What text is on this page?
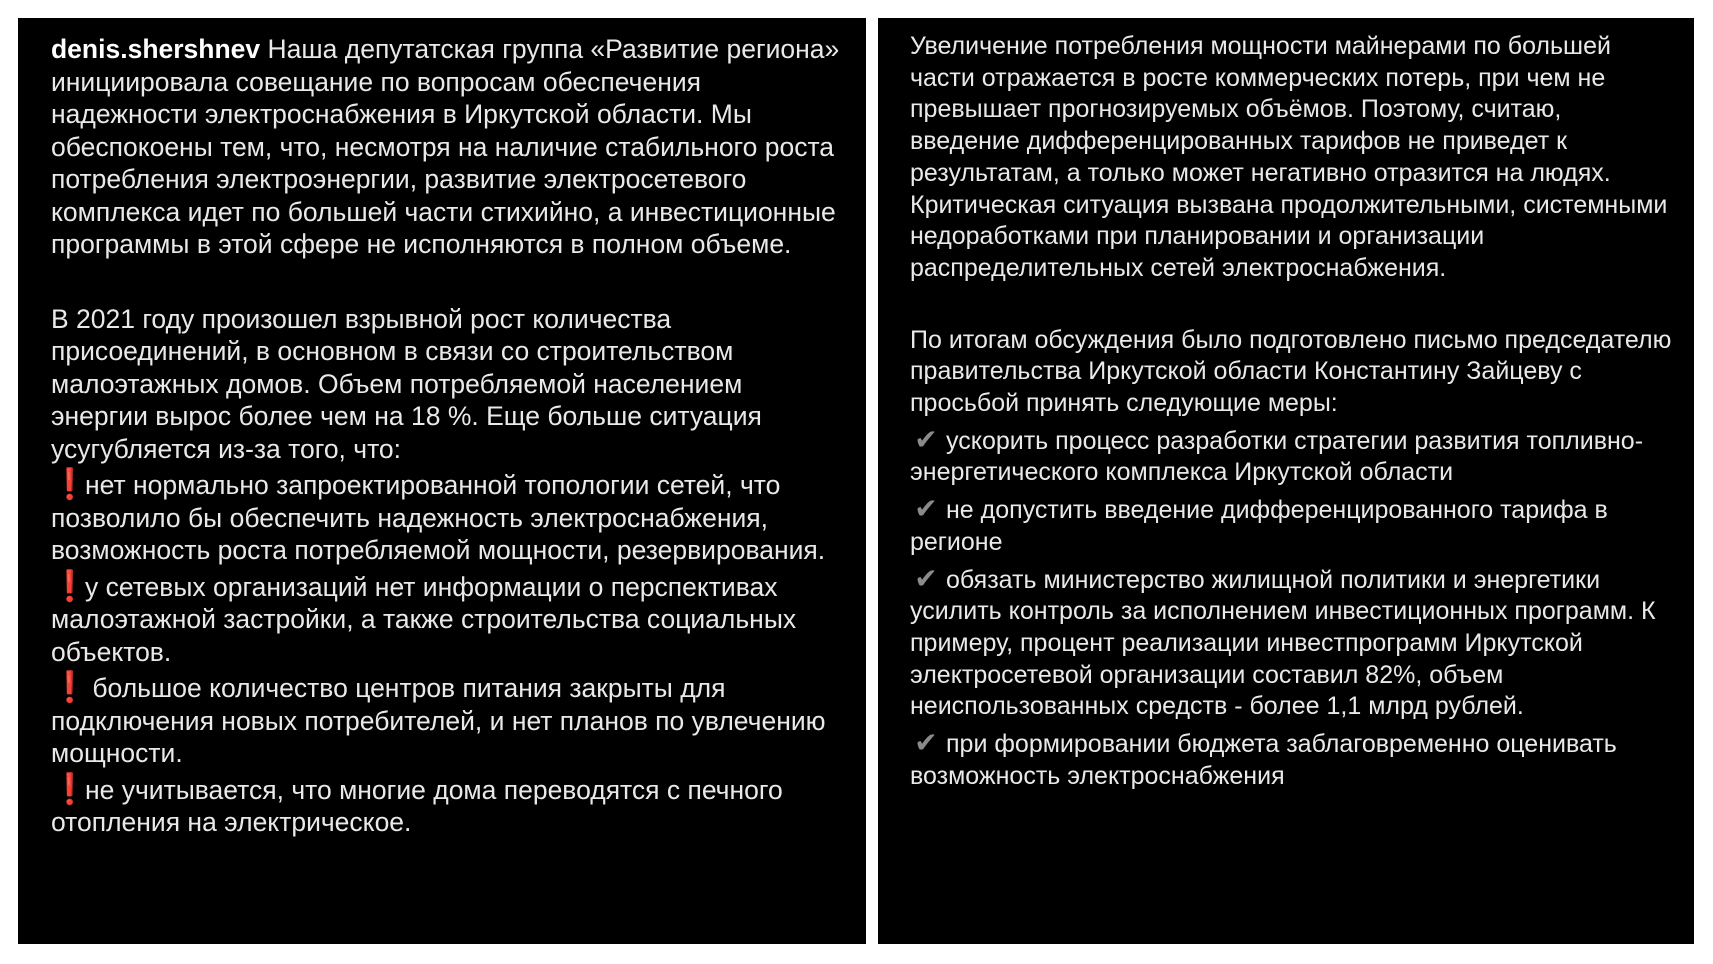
denis.shershnev Наша депутатская группа «Развитие региона» инициировала совещание по вопросам обеспечения надежности электроснабжения в Иркутской области. Мы обеспокоены тем, что, несмотря на наличие стабильного роста потребления электроэнергии, развитие электросетевого комплекса идет по большей части стихийно, а инвестиционные программы в этой сфере не исполняются в полном объеме.

В 2021 году произошел взрывной рост количества присоединений, в основном в связи со строительством малоэтажных домов. Объем потребляемой населением энергии вырос более чем на 18 %. Еще больше ситуация усугубляется из-за того, что:

❗нет нормально запроектированной топологии сетей, что позволило бы обеспечить надежность электроснабжения, возможность роста потребляемой мощности, резервирования.
❗у сетевых организаций нет информации о перспективах малоэтажной застройки, а также строительства социальных объектов.
❗ большое количество центров питания закрыты для подключения новых потребителей, и нет планов по увлечению мощности.
❗не учитывается, что многие дома переводятся с печного отопления на электрическое.

Увеличение потребления мощности майнерами по большей части отражается в росте коммерческих потерь, при чем не превышает прогнозируемых объёмов. Поэтому, считаю, введение дифференцированных тарифов не приведет к результатам, а только может негативно отразится на людях. Критическая ситуация вызвана продолжительными, системными недоработками при планировании и организации распределительных сетей электроснабжения.

По итогам обсуждения было подготовлено письмо председателю правительства Иркутской области Константину Зайцеву с просьбой принять следующие меры:

✔ ускорить процесс разработки стратегии развития топливно-энергетического комплекса Иркутской области
✔ не допустить введение дифференцированного тарифа в регионе
✔ обязать министерство жилищной политики и энергетики усилить контроль за исполнением инвестиционных программ. К примеру, процент реализации инвестпрограмм Иркутской электросетевой организации составил 82%, объем неиспользованных средств - более 1,1 млрд рублей.
✔ при формировании бюджета заблаговременно оценивать возможность электроснабжения
